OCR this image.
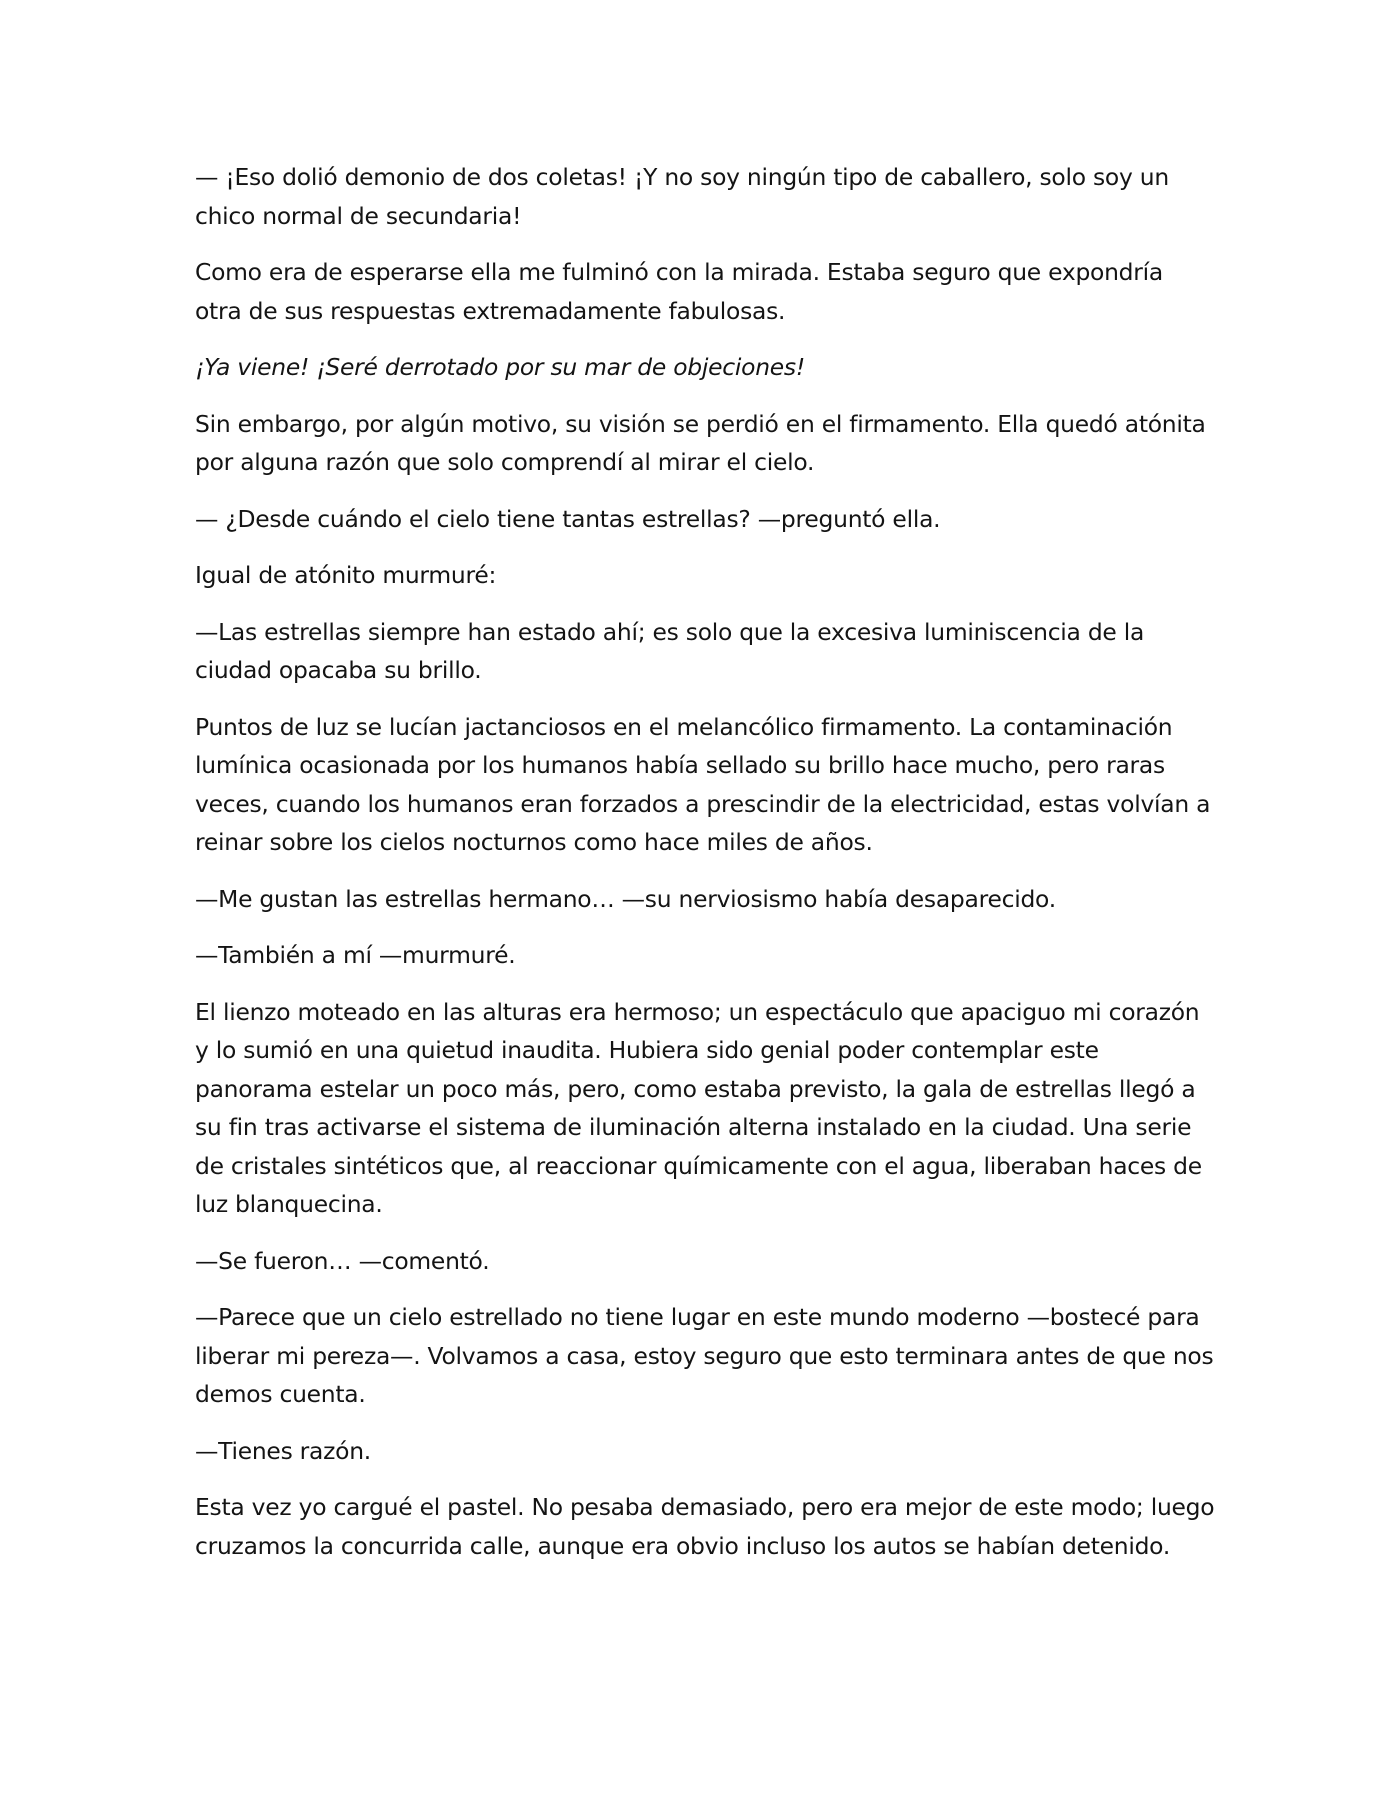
— ¡Eso dolió demonio de dos coletas! ¡Y no soy ningún tipo de caballero, solo soy un chico normal de secundaria!

Como era de esperarse ella me fulminó con la mirada. Estaba seguro que expondría otra de sus respuestas extremadamente fabulosas.

¡Ya viene! ¡Seré derrotado por su mar de objeciones!

Sin embargo, por algún motivo, su visión se perdió en el firmamento. Ella quedó atónita por alguna razón que solo comprendí al mirar el cielo.

— ¿Desde cuándo el cielo tiene tantas estrellas? —preguntó ella.

Igual de atónito murmuré:

—Las estrellas siempre han estado ahí; es solo que la excesiva luminiscencia de la ciudad opacaba su brillo.

Puntos de luz se lucían jactanciosos en el melancólico firmamento. La contaminación lumínica ocasionada por los humanos había sellado su brillo hace mucho, pero raras veces, cuando los humanos eran forzados a prescindir de la electricidad, estas volvían a reinar sobre los cielos nocturnos como hace miles de años.

—Me gustan las estrellas hermano… —su nerviosismo había desaparecido.

—También a mí —murmuré.

El lienzo moteado en las alturas era hermoso; un espectáculo que apaciguo mi corazón y lo sumió en una quietud inaudita. Hubiera sido genial poder contemplar este panorama estelar un poco más, pero, como estaba previsto, la gala de estrellas llegó a su fin tras activarse el sistema de iluminación alterna instalado en la ciudad. Una serie de cristales sintéticos que, al reaccionar químicamente con el agua, liberaban haces de luz blanquecina.

—Se fueron… —comentó.

—Parece que un cielo estrellado no tiene lugar en este mundo moderno —bostecé para liberar mi pereza—. Volvamos a casa, estoy seguro que esto terminara antes de que nos demos cuenta.

—Tienes razón.

Esta vez yo cargué el pastel. No pesaba demasiado, pero era mejor de este modo; luego cruzamos la concurrida calle, aunque era obvio incluso los autos se habían detenido.
